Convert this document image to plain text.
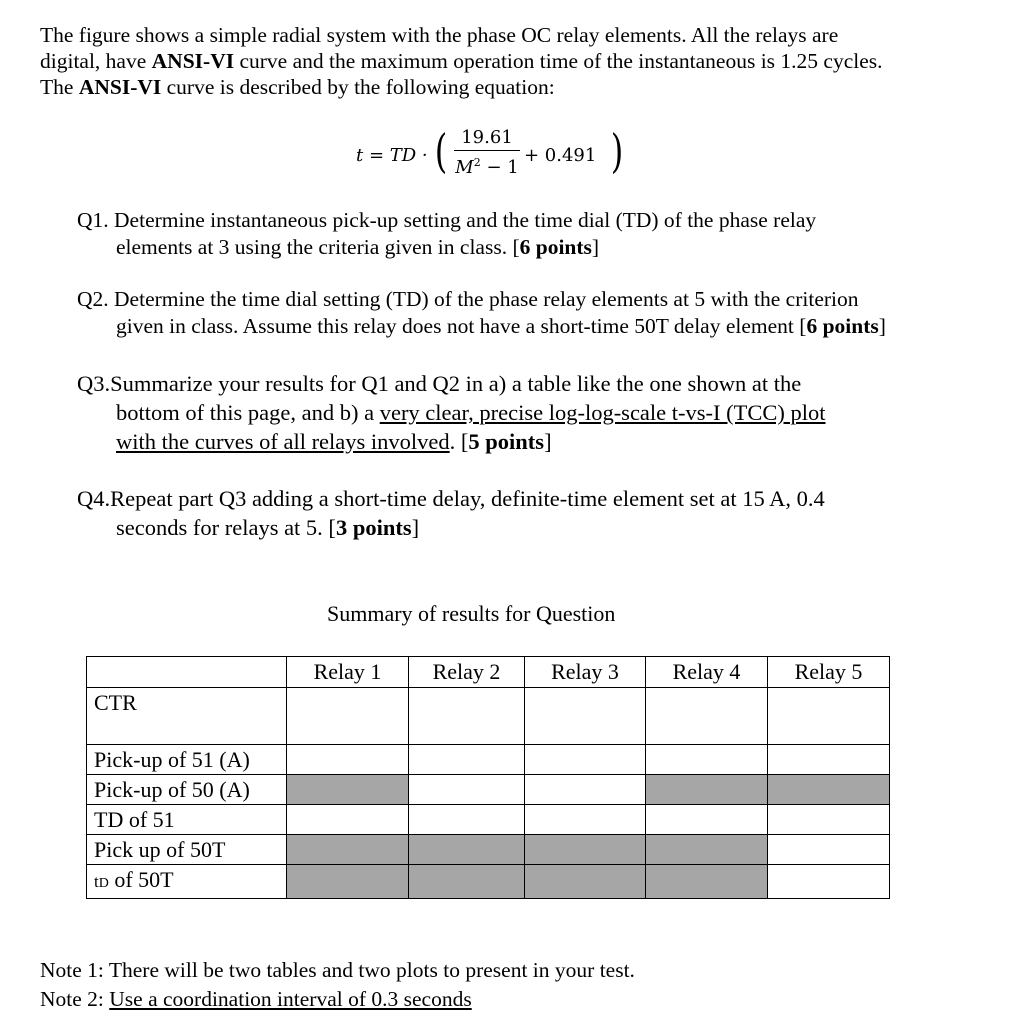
The figure shows a simple radial system with the phase OC relay elements. All the relays are
digital, have ANSI-VI curve and the maximum operation time of the instantaneous is 1.25 cycles.
The ANSI-VI curve is described by the following equation:
t = TD · ( 19.61
$M^2 - 1$
+ 0.491 )
Q1. Determine instantaneous pick-up setting and the time dial (TD) of the phase relay
elements at 3 using the criteria given in class. [6 points]
Q2. Determine the time dial setting (TD) of the phase relay elements at 5 with the criterion
given in class. Assume this relay does not have a short-time 50T delay element [6 points]
Q3.Summarize your results for Q1 and Q2 in a) a table like the one shown at the
bottom of this page, and b) a very clear, precise log-log-scale t-vs-I (TCC) plot
with the curves of all relays involved. [5 points]
Q4.Repeat part Q3 adding a short-time delay, definite-time element set at 15 A, 0.4
seconds for relays at 5. [3 points]
Summary of results for Question
	Relay 1	Relay 2	Relay 3	Relay 4	Relay 5
CTR					
Pick-up of 51 (A)					
Pick-up of 50 (A)					
TD of 51					
Pick up of 50T					
tD of 50T					
Note 1: There will be two tables and two plots to present in your test.
Note 2: Use a coordination interval of 0.3 seconds
